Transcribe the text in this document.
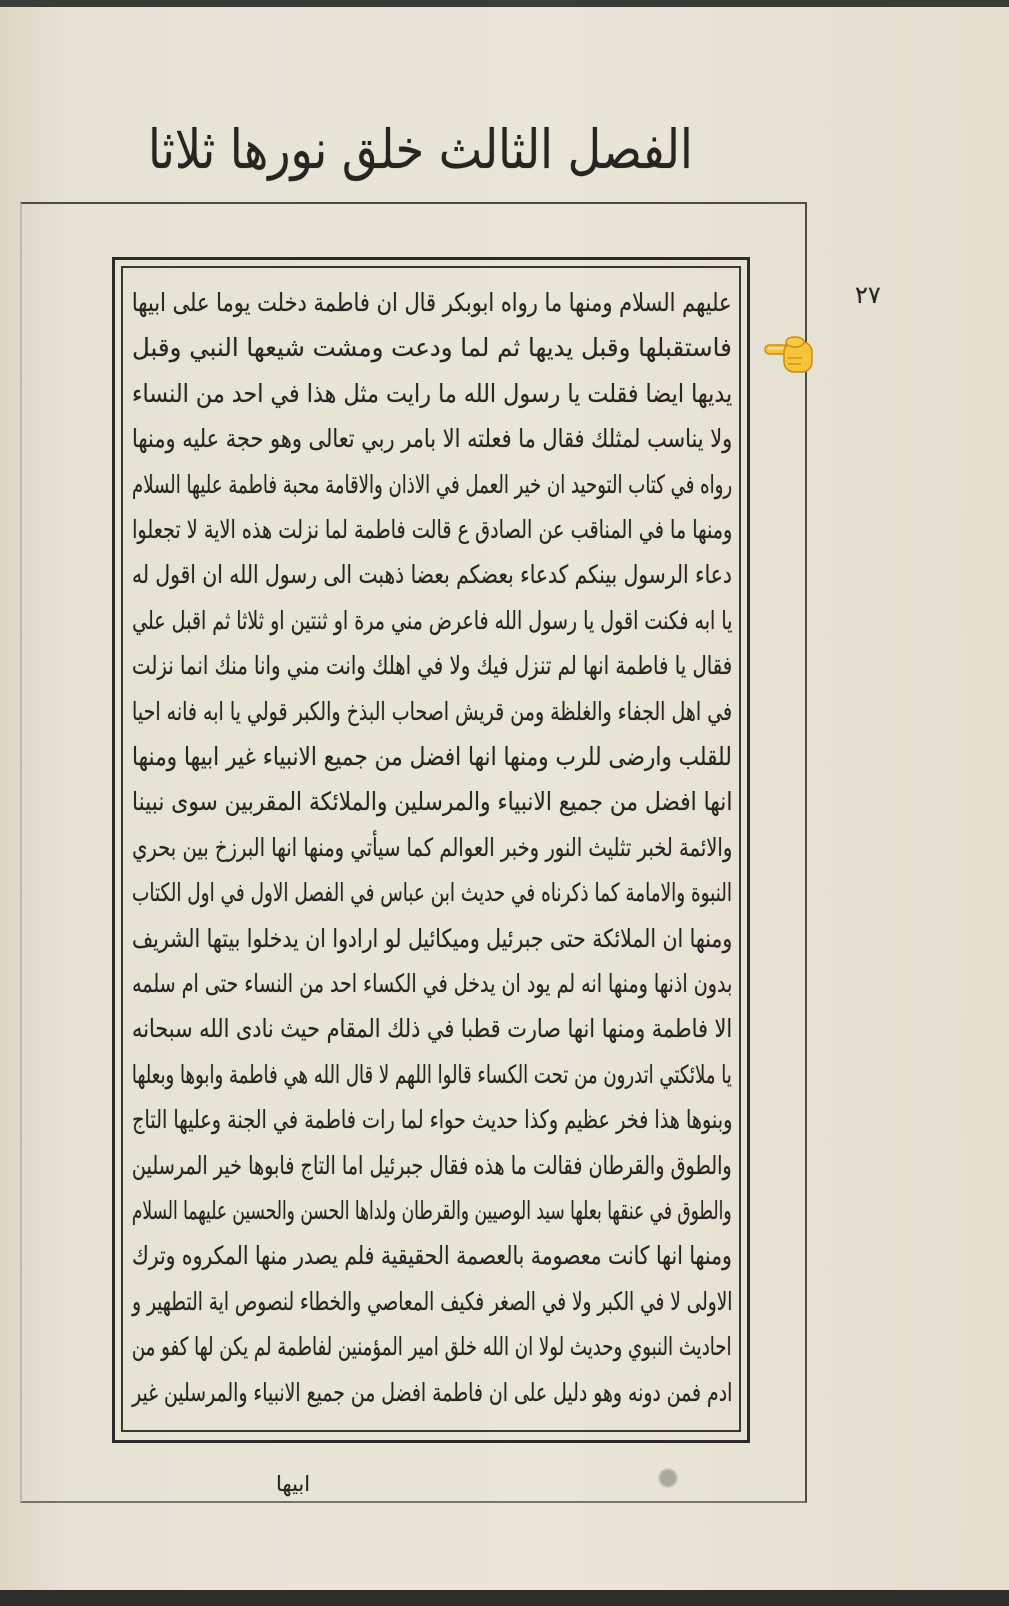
الفصل الثالث خلق نورها ثلاثا
۲۷
عليهم السلام ومنها ما رواه ابوبكر قال ان فاطمة دخلت يوما على ابيها
فاستقبلها وقبل يديها ثم لما ودعت ومشت شيعها النبي وقبل
يديها ايضا فقلت يا رسول الله ما رايت مثل هذا في احد من النساء
ولا يناسب لمثلك فقال ما فعلته الا بامر ربي تعالى وهو حجة عليه ومنها
رواه في كتاب التوحيد ان خير العمل في الاذان والاقامة محبة فاطمة عليها السلام
ومنها ما في المناقب عن الصادق ع قالت فاطمة لما نزلت هذه الاية لا تجعلوا
دعاء الرسول بينكم كدعاء بعضكم بعضا ذهبت الى رسول الله ان اقول له
يا ابه فكنت اقول يا رسول الله فاعرض مني مرة او ثنتين او ثلاثا ثم اقبل علي
فقال يا فاطمة انها لم تنزل فيك ولا في اهلك وانت مني وانا منك انما نزلت
في اهل الجفاء والغلظة ومن قريش اصحاب البذخ والكبر قولي يا ابه فانه احيا
للقلب وارضى للرب ومنها انها افضل من جميع الانبياء غير ابيها ومنها
انها افضل من جميع الانبياء والمرسلين والملائكة المقربين سوى نبينا
والائمة لخبر تثليث النور وخبر العوالم كما سيأتي ومنها انها البرزخ بين بحري
النبوة والامامة كما ذكرناه في حديث ابن عباس في الفصل الاول في اول الكتاب
ومنها ان الملائكة حتى جبرئيل وميكائيل لو ارادوا ان يدخلوا بيتها الشريف
بدون اذنها ومنها انه لم يود ان يدخل في الكساء احد من النساء حتى ام سلمه
الا فاطمة ومنها انها صارت قطبا في ذلك المقام حيث نادى الله سبحانه
يا ملائكتي اتدرون من تحت الكساء قالوا اللهم لا قال الله هي فاطمة وابوها وبعلها
وبنوها هذا فخر عظيم وكذا حديث حواء لما رات فاطمة في الجنة وعليها التاج
والطوق والقرطان فقالت ما هذه فقال جبرئيل اما التاج فابوها خير المرسلين
والطوق في عنقها بعلها سيد الوصيين والقرطان ولداها الحسن والحسين عليهما السلام
ومنها انها كانت معصومة بالعصمة الحقيقية فلم يصدر منها المكروه وترك
الاولى لا في الكبر ولا في الصغر فكيف المعاصي والخطاء لنصوص اية التطهير و
احاديث النبوي وحديث لولا ان الله خلق امير المؤمنين لفاطمة لم يكن لها كفو من
ادم فمن دونه وهو دليل على ان فاطمة افضل من جميع الانبياء والمرسلين غير
ابيها
